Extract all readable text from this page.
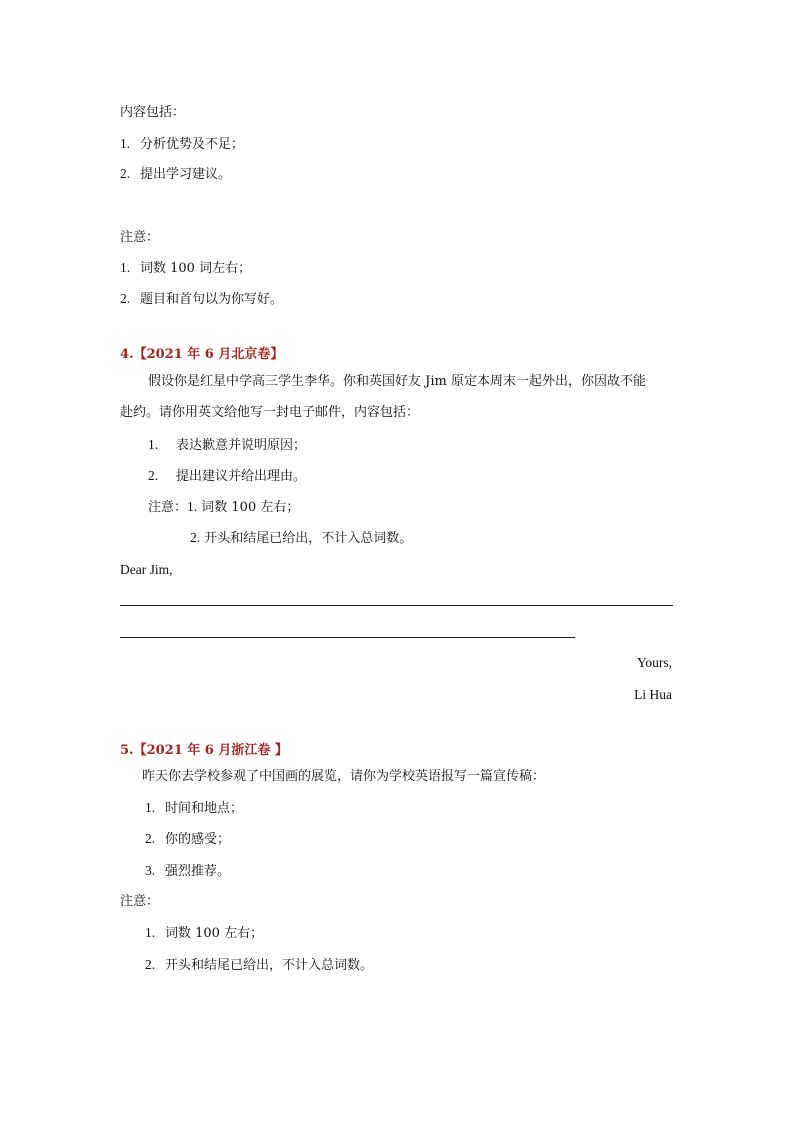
内容包括：
1. 分析优势及不足；
2. 提出学习建议。
注意：
1. 词数 100 词左右；
2. 题目和首句以为你写好。
4.【2021 年 6 月北京卷】
假设你是红星中学高三学生李华。你和英国好友 Jim 原定本周末一起外出，你因故不能
赴约。请你用英文给他写一封电子邮件，内容包括：
1. 表达歉意并说明原因；
2. 提出建议并给出理由。
注意：1. 词数 100 左右；
2. 开头和结尾已给出，不计入总词数。
Dear Jim,
Yours,
Li Hua
5.【2021 年 6 月浙江卷 】
昨天你去学校参观了中国画的展览，请你为学校英语报写一篇宣传稿：
1. 时间和地点；
2. 你的感受；
3. 强烈推荐。
注意：
1. 词数 100 左右；
2. 开头和结尾已给出，不计入总词数。
